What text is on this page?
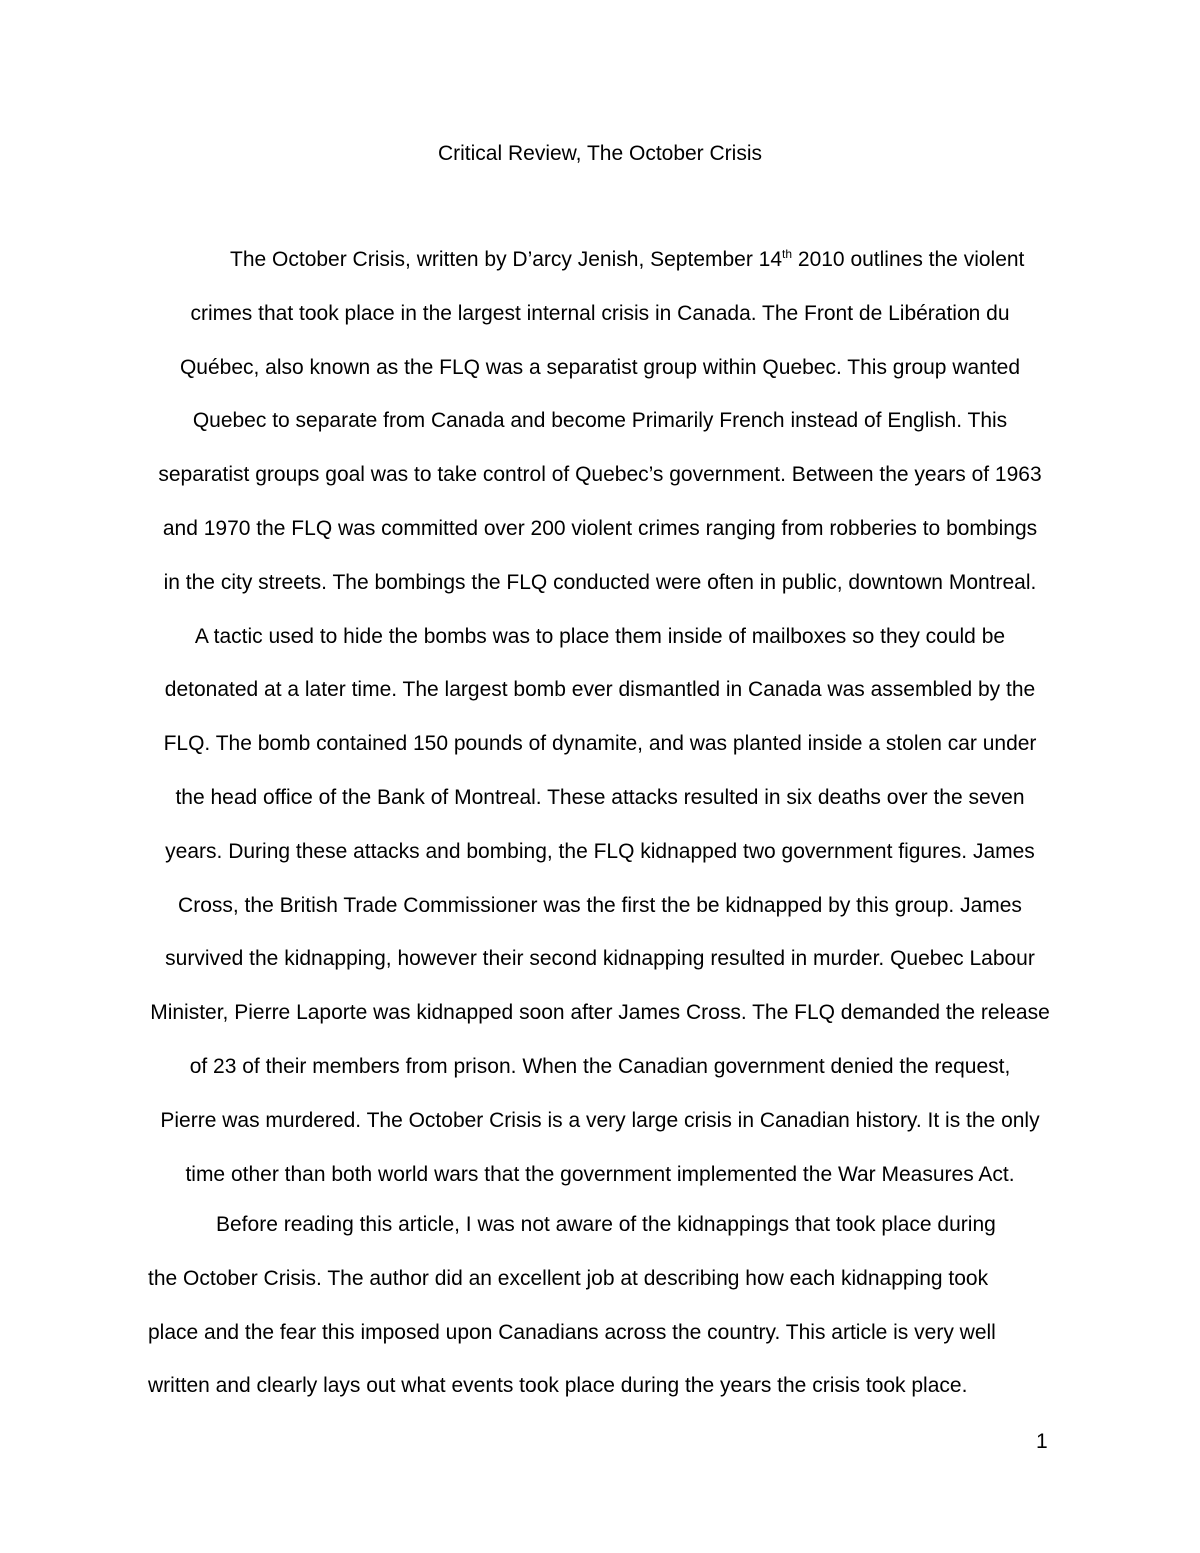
Critical Review, The October Crisis
The October Crisis, written by D’arcy Jenish, September 14th 2010 outlines the violent
crimes that took place in the largest internal crisis in Canada. The Front de Libération du
Québec, also known as the FLQ was a separatist group within Quebec. This group wanted
Quebec to separate from Canada and become Primarily French instead of English. This
separatist groups goal was to take control of Quebec’s government. Between the years of 1963
and 1970 the FLQ was committed over 200 violent crimes ranging from robberies to bombings
in the city streets. The bombings the FLQ conducted were often in public, downtown Montreal.
A tactic used to hide the bombs was to place them inside of mailboxes so they could be
detonated at a later time. The largest bomb ever dismantled in Canada was assembled by the
FLQ. The bomb contained 150 pounds of dynamite, and was planted inside a stolen car under
the head office of the Bank of Montreal. These attacks resulted in six deaths over the seven
years. During these attacks and bombing, the FLQ kidnapped two government figures. James
Cross, the British Trade Commissioner was the first the be kidnapped by this group. James
survived the kidnapping, however their second kidnapping resulted in murder. Quebec Labour
Minister, Pierre Laporte was kidnapped soon after James Cross. The FLQ demanded the release
of 23 of their members from prison. When the Canadian government denied the request,
Pierre was murdered. The October Crisis is a very large crisis in Canadian history. It is the only
time other than both world wars that the government implemented the War Measures Act.
Before reading this article, I was not aware of the kidnappings that took place during
the October Crisis. The author did an excellent job at describing how each kidnapping took
place and the fear this imposed upon Canadians across the country. This article is very well
written and clearly lays out what events took place during the years the crisis took place.
1
